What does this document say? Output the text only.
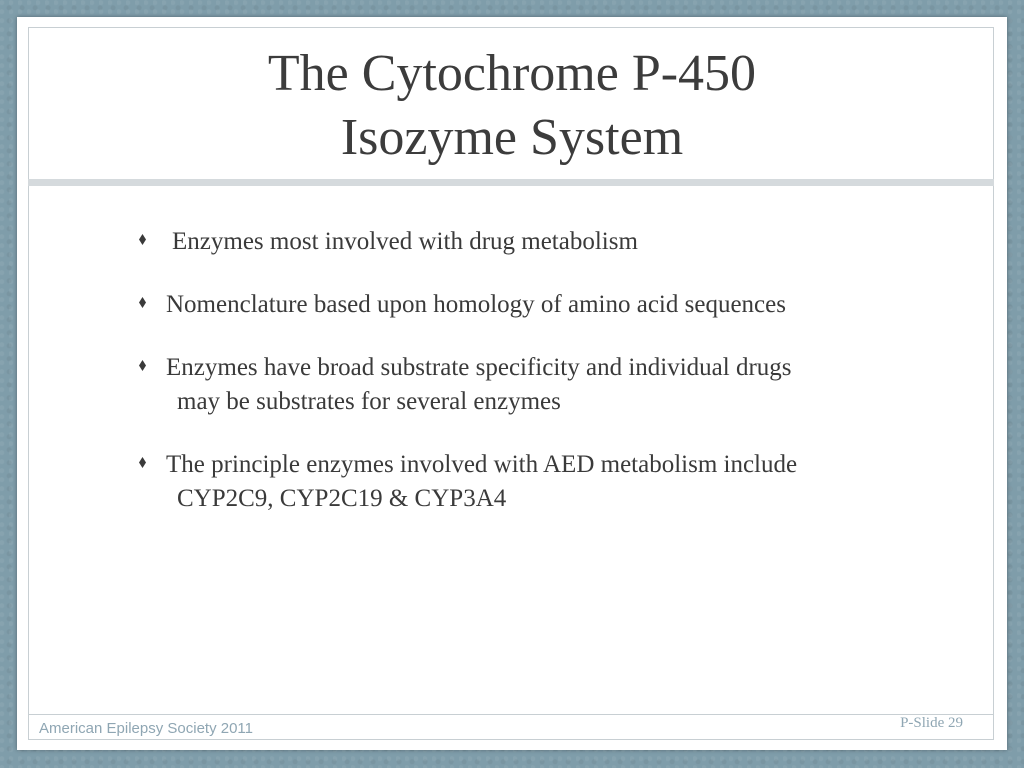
The Cytochrome P-450
Isozyme System
Enzymes most involved with drug metabolism
Nomenclature based upon homology of amino acid sequences
Enzymes have broad substrate specificity and individual drugs
may be substrates for several enzymes
The principle enzymes involved with AED metabolism include
CYP2C9, CYP2C19 & CYP3A4
American Epilepsy Society 2011	P-Slide 29
